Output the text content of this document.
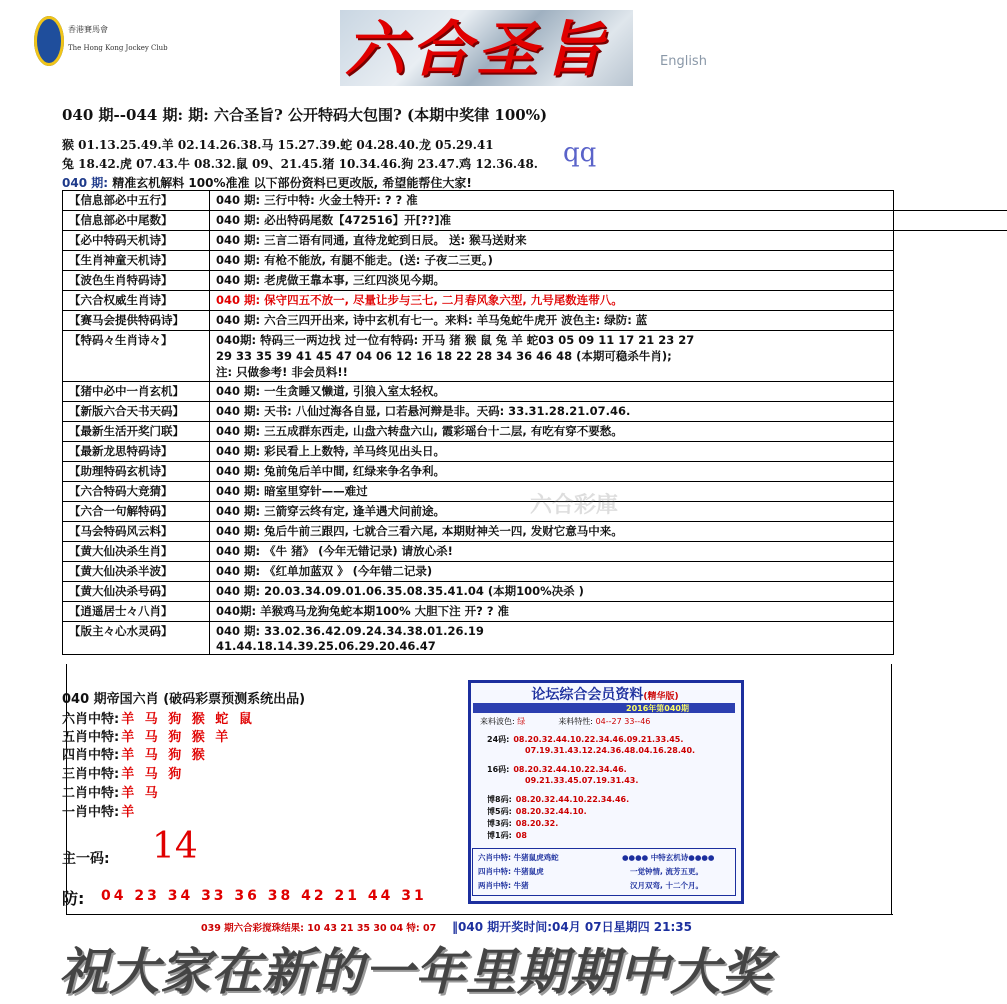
香港賽馬會
The Hong Kong Jockey Club	六合圣旨	English
040 期--044 期: 期: 六合圣旨? 公开特码大包围? (本期中奖律 100%)
猴 01.13.25.49.羊 02.14.26.38.马 15.27.39.蛇 04.28.40.龙 05.29.41
兔 18.42.虎 07.43.牛 08.32.鼠 09、21.45.猪 10.34.46.狗 23.47.鸡 12.36.48. qq
040 期: 精准玄机解料 100%准准 以下部份资料已更改版, 希望能帮住大家!
【信息部必中五行】	040 期: 三行中特: 火金土特开: ? ? 准

【信息部必中尾数】	040 期: 必出特码尾数【472516】开[??]准

【必中特码天机诗】	040 期: 三言二语有同通, 直待龙蛇到日辰。 送: 猴马送财来

【生肖神童天机诗】	040 期: 有枪不能放, 有腿不能走。(送: 子夜二三更。)

【波色生肖特码诗】	040 期: 老虎做王靠本事, 三红四淡见今期。

【六合权威生肖诗】	040 期: 保守四五不放一, 尽量让步与三七, 二月春风象六型, 九号尾数连带八。

【赛马会提供特码诗】	040 期: 六合三四开出来, 诗中玄机有七一。来料: 羊马兔蛇牛虎开 波色主: 绿防: 蓝

【特码々生肖诗々】	040期: 特码三一两边找 过一位有特码: 开马 猪 猴 鼠 兔 羊 蛇03 05 09 11 17 21 23 27
29 33 35 39 41 45 47 04 06 12 16 18 22 28 34 36 46 48 (本期可稳杀牛肖);
注: 只做参考! 非会员料!!

【猪中必中一肖玄机】	040 期: 一生贪睡又懒道, 引狼入室太轻权。

【新版六合天书天码】	040 期: 天书: 八仙过海各自显, 口若悬河辩是非。天码: 33.31.28.21.07.46.

【最新生活开奖门联】	040 期: 三五成群东西走, 山盘六转盘六山, 霞彩瑶台十二层, 有吃有穿不要愁。

【最新龙思特码诗】	040 期: 彩民看上上数特, 羊马终见出头日。

【助理特码玄机诗】	040 期: 兔前兔后羊中間, 红绿来争名争利。

【六合特码大竞猜】	040 期: 暗室里穿针——难过

【六合一句解特码】	040 期: 三箭穿云终有定, 逢羊遇犬问前途。

【马会特码风云料】	040 期: 兔后牛前三跟四, 七就合三看六尾, 本期财神关一四, 发财它意马中来。

【黄大仙决杀生肖】	040 期: 《牛 猪》 (今年无错记录) 请放心杀!

【黄大仙决杀半波】	040 期: 《红单加蓝双 》 (今年错二记录)

【黄大仙决杀号码】	040 期: 20.03.34.09.01.06.35.08.35.41.04 (本期100%决杀 )

【逍遥居士々八肖】	040期: 羊猴鸡马龙狗兔蛇本期100% 大胆下注 开? ? 准

【版主々心水灵码】	040 期: 33.02.36.42.09.24.34.38.01.26.19
41.44.18.14.39.25.06.29.20.46.47
040 期帝国六肖 (破码彩票预测系统出品)
六肖中特: 羊 马 狗 猴 蛇 鼠
五肖中特: 羊 马 狗 猴 羊
四肖中特: 羊 马 狗 猴
三肖中特: 羊 马 狗
二肖中特: 羊 马
一肖中特: 羊
主一码: 14
防: 04 23 34 33 36 38 42 21 44 31
论坛综合会员资料(精华版)
2016年第040期
来料波色: 绿	来料特性: 04--27 33--46
24码: 08.20.32.44.10.22.34.46.09.21.33.45.
07.19.31.43.12.24.36.48.04.16.28.40.
16码: 08.20.32.44.10.22.34.46.
09.21.33.45.07.19.31.43.
博8码: 08.20.32.44.10.22.34.46.
博5码: 08.20.32.44.10.
博3码: 08.20.32.
博1码: 08
六肖中特: 牛猪鼠虎鸡蛇
四肖中特: 牛猪鼠虎
两肖中特: 牛猪
●●●● 中特玄机诗●●●●
一觉钟情, 流芳五更。
汉月双弯, 十二个月。
六合彩庫
039 期六合彩搅珠结果: 10 43 21 35 30 04 特: 07 ‖040 期开奖时间:04月 07日星期四 21:35
祝大家在新的一年里期期中大奖
